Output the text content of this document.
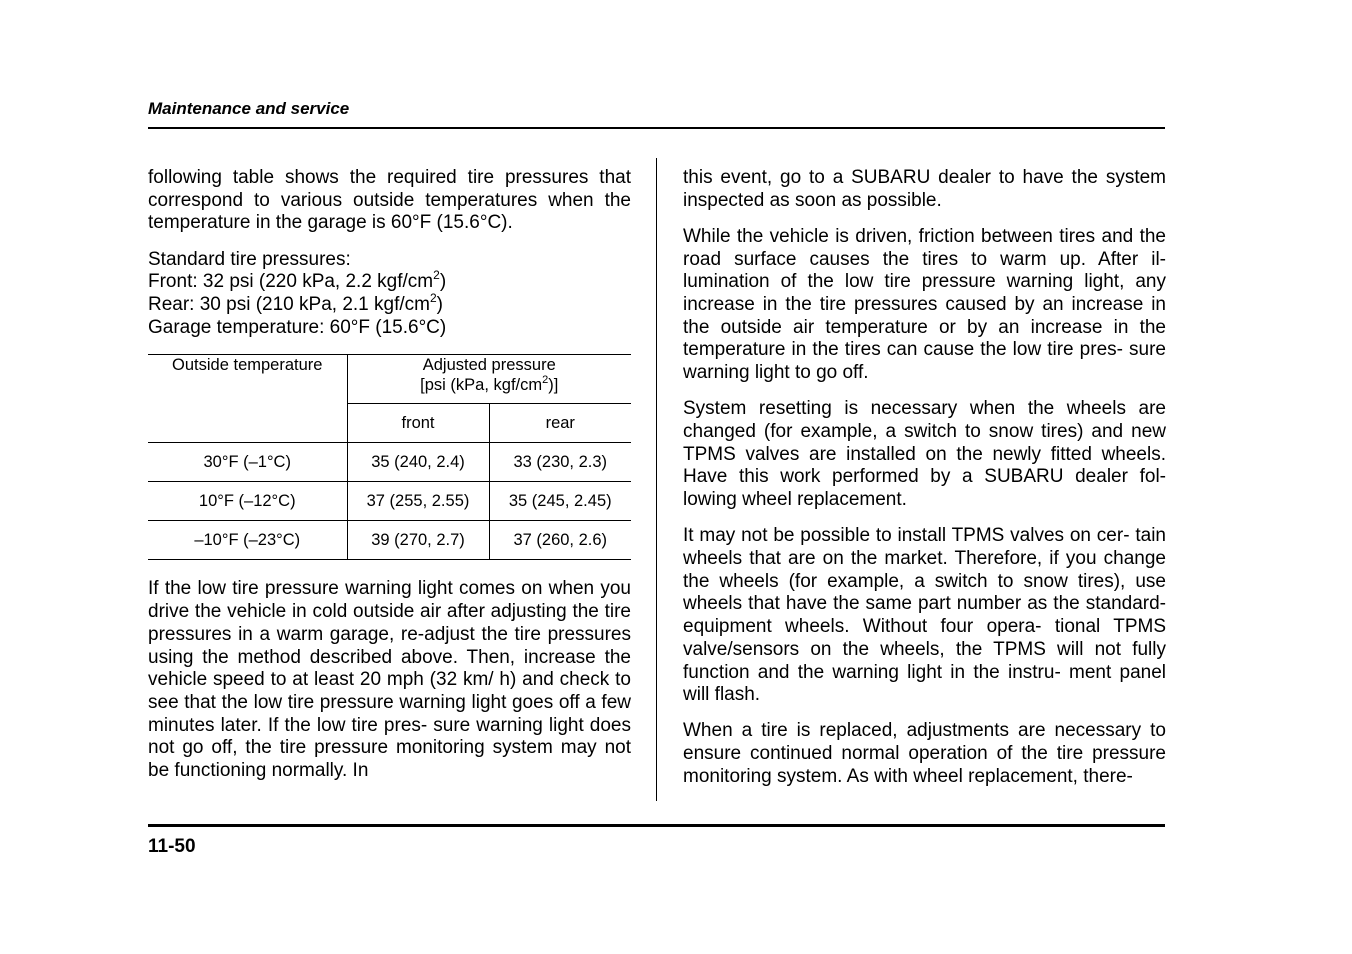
Maintenance and service

following table shows the required tire pressures that correspond to various outside temperatures when the temperature in the garage is 60°F (15.6°C).

Standard tire pressures:
Front: 32 psi (220 kPa, 2.2 kgf/$cm^2$)
Rear: 30 psi (210 kPa, 2.1 kgf/$cm^2$)
Garage temperature: 60°F (15.6°C)
Outside temperature	Adjusted pressure
[psi (kPa, kgf/$cm^2$)]	

	front	rear
30°F (–1°C)	35 (240, 2.4)	33 (230, 2.3)
10°F (–12°C)	37 (255, 2.55)	35 (245, 2.45)
–10°F (–23°C)	39 (270, 2.7)	37 (260, 2.6)

If the low tire pressure warning light comes on when you drive the vehicle in cold outside air after adjusting the tire pressures in a warm garage, re-adjust the tire pressures using the method described above. Then, increase the vehicle speed to at least 20 mph (32 km/ h) and check to see that the low tire pressure warning light goes off a few minutes later. If the low tire pres- sure warning light does not go off, the tire pressure monitoring system may not be functioning normally. In

this event, go to a SUBARU dealer to have the system inspected as soon as possible.

While the vehicle is driven, friction between tires and the road surface causes the tires to warm up. After il- lumination of the low tire pressure warning light, any increase in the tire pressures caused by an increase in the outside air temperature or by an increase in the temperature in the tires can cause the low tire pres- sure warning light to go off.

System resetting is necessary when the wheels are changed (for example, a switch to snow tires) and new TPMS valves are installed on the newly fitted wheels. Have this work performed by a SUBARU dealer fol- lowing wheel replacement.

It may not be possible to install TPMS valves on cer- tain wheels that are on the market. Therefore, if you change the wheels (for example, a switch to snow tires), use wheels that have the same part number as the standard-equipment wheels. Without four opera- tional TPMS valve/sensors on the wheels, the TPMS will not fully function and the warning light in the instru- ment panel will flash.

When a tire is replaced, adjustments are necessary to ensure continued normal operation of the tire pressure monitoring system. As with wheel replacement, there-

11-50
